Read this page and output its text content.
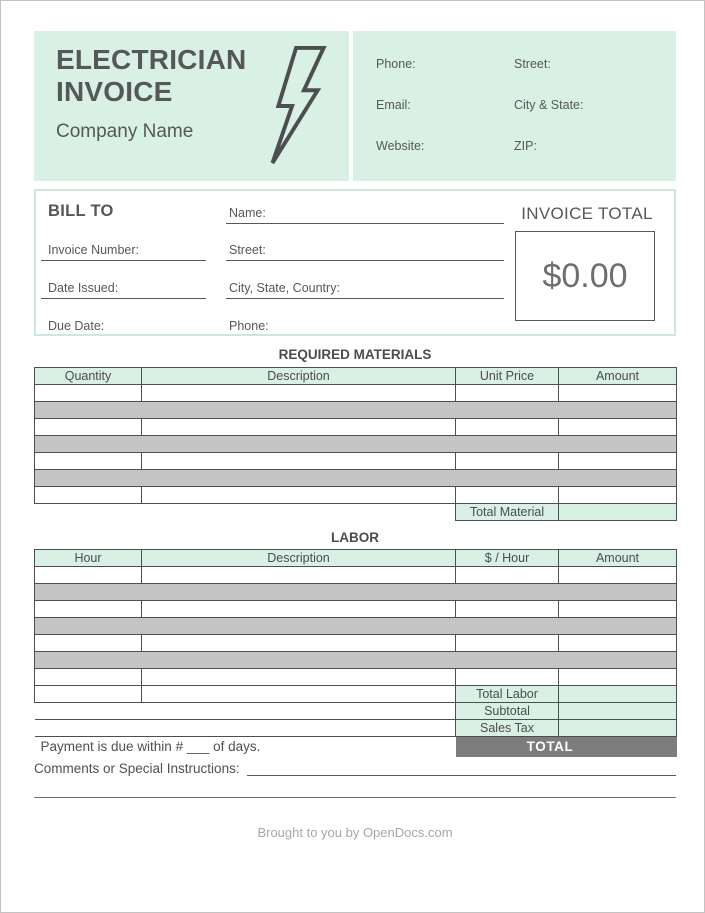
ELECTRICIAN
INVOICE
Company Name
Phone:	Street:
Email:	City & State:
Website:	ZIP:
BILL TO
Invoice Number:
Date Issued:
Due Date:
Name:
Street:
City, State, Country:
Phone:
INVOICE TOTAL
$0.00
REQUIRED MATERIALS
Quantity	Description	Unit Price	Amount

		Total Material	
LABOR
Hour	Description	$ / Hour	Amount

		Total Labor	
		Subtotal	
		Sales Tax	
Payment is due within # ___ of days.		TOTAL	
Comments or Special Instructions:
Brought to you by OpenDocs.com
